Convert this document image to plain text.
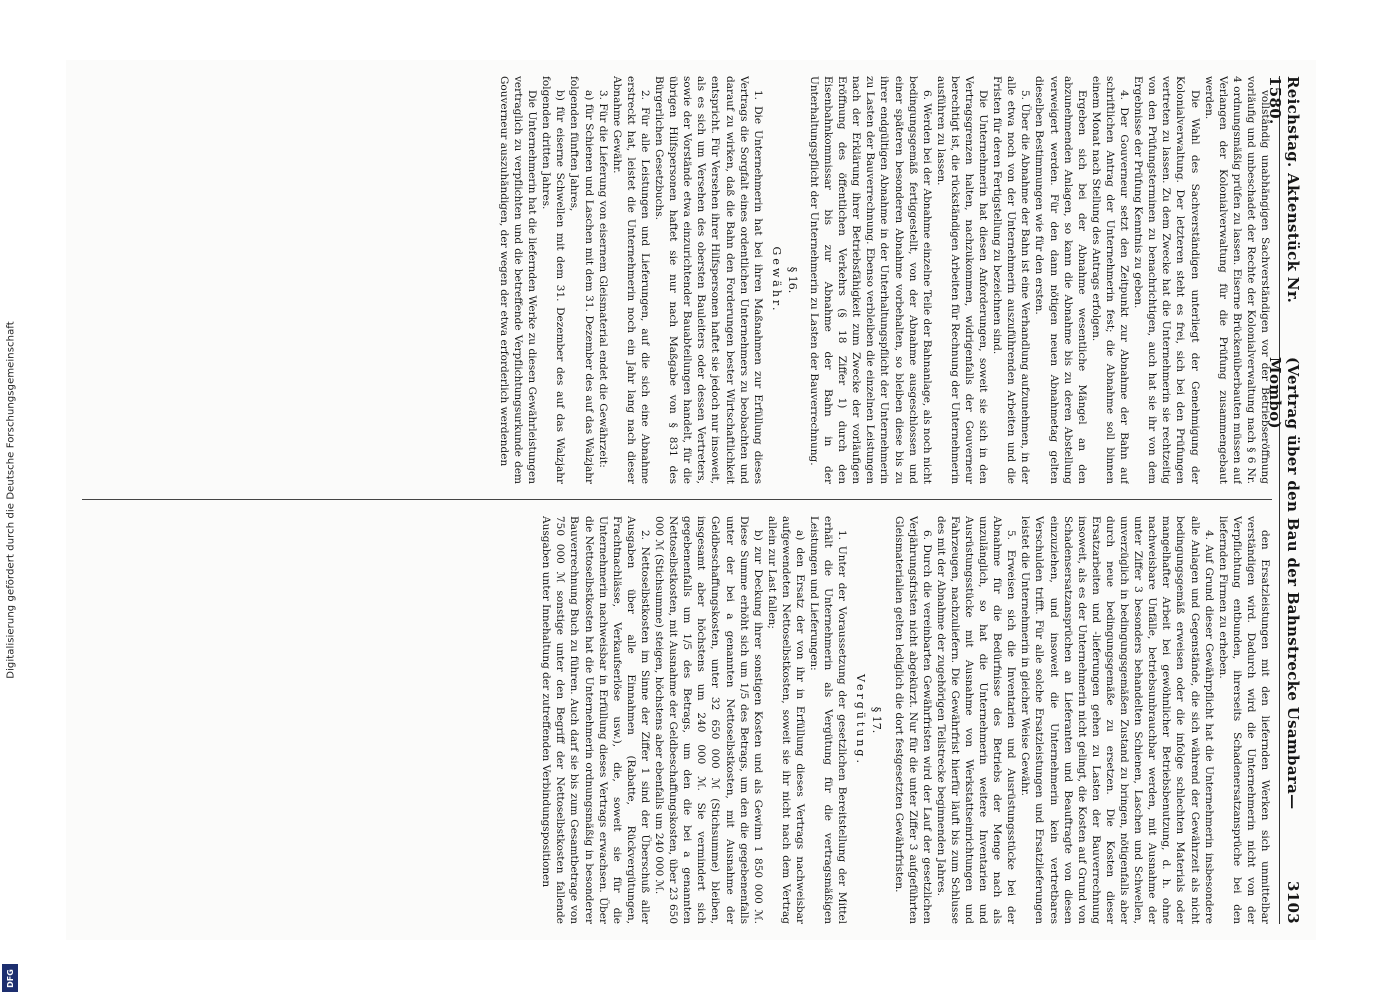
Digitalisierung gefördert durch die Deutsche Forschungsgemeinschaft
DFG
Reichstag. Aktenstück Nr. 1580.
(Vertrag über den Bau der Bahnstrecke Usambara—Mombo)
3103

vollständig unabhängigen Sachverständigen vor der Betriebseröffnung vorläufig und unbeschadet der Rechte der Kolonialverwaltung nach § 6 Nr. 4 ordnungsmäßig prüfen zu lassen. Eiserne Brückenüberbauten müssen auf Verlangen der Kolonialverwaltung für die Prüfung zusammengebaut werden.

Die Wahl des Sachverständigen unterliegt der Genehmigung der Kolonialverwaltung. Der letzteren steht es frei, sich bei den Prüfungen vertreten zu lassen. Zu dem Zwecke hat die Unternehmerin sie rechtzeitig von den Prüfungsterminen zu benachrichtigen, auch hat sie ihr von dem Ergebnisse der Prüfung Kenntnis zu geben.

4. Der Gouverneur setzt den Zeitpunkt zur Abnahme der Bahn auf schriftlichen Antrag der Unternehmerin fest; die Abnahme soll binnen einem Monat nach Stellung des Antrags erfolgen.

Ergeben sich bei der Abnahme wesentliche Mängel an den abzunehmenden Anlagen, so kann die Abnahme bis zu deren Abstellung verweigert werden. Für den dann nötigen neuen Abnahmetag gelten dieselben Bestimmungen wie für den ersten.

5. Über die Abnahme der Bahn ist eine Verhandlung aufzunehmen, in der alle etwa noch von der Unternehmerin auszuführenden Arbeiten und die Fristen für deren Fertigstellung zu bezeichnen sind.

Die Unternehmerin hat diesen Anforderungen, soweit sie sich in den Vertragsgrenzen halten, nachzukommen, widrigenfalls der Gouverneur berechtigt ist, die rückständigen Arbeiten für Rechnung der Unternehmerin ausführen zu lassen.

6. Werden bei der Abnahme einzelne Teile der Bahnanlage, als noch nicht bedingungsgemäß fertiggestellt, von der Abnahme ausgeschlossen und einer späteren besonderen Abnahme vorbehalten, so bleiben diese bis zu ihrer endgültigen Abnahme in der Unterhaltungspflicht der Unternehmerin zu Lasten der Bauverrechnung. Ebenso verbleiben die einzelnen Leistungen nach der Erklärung ihrer Betriebsfähigkeit zum Zwecke der vorläufigen Eröffnung des öffentlichen Verkehrs (§ 18 Ziffer 1) durch den Eisenbahnkommissar bis zur Abnahme der Bahn in der Unterhaltungspflicht der Unternehmerin zu Lasten der Bauverrechnung.

§ 16.

Gewähr.

1. Die Unternehmerin hat bei ihren Maßnahmen zur Erfüllung dieses Vertrags die Sorgfalt eines ordentlichen Unternehmers zu beobachten und darauf zu wirken, daß die Bahn den Forderungen bester Wirtschaftlichkeit entspricht. Für Versehen ihrer Hilfspersonen haftet sie jedoch nur insoweit, als es sich um Versehen des obersten Bauleiters oder dessen Vertreters, sowie der Vorstände etwa einzurichtender Bauabteilungen handelt, für die übrigen Hilfspersonen haftet sie nur nach Maßgabe von § 831 des Bürgerlichen Gesetzbuchs.

2. Für alle Leistungen und Lieferungen, auf die sich eine Abnahme erstreckt hat, leistet die Unternehmerin noch ein Jahr lang nach dieser Abnahme Gewähr.

3. Für die Lieferung von eisernem Gleismaterial endet die Gewährzeit:

a) für Schienen und Laschen mit dem 31. Dezember des auf das Walzjahr folgenden fünften Jahres,

b) für eiserne Schwellen mit dem 31. Dezember des auf das Walzjahr folgenden dritten Jahres.

Die Unternehmerin hat die liefernden Werke zu diesen Gewährleistungen vertraglich zu verpflichten und die betreffende Verpflichtungsurkunde dem Gouverneur auszuhändigen, der wegen der etwa erforderlich werdenden

den Ersatzleistungen mit den liefernden Werken sich unmittelbar verständigen wird. Dadurch wird die Unternehmerin nicht von der Verpflichtung entbunden, ihrerseits Schadenersatzansprüche bei den liefernden Firmen zu erheben.

4. Auf Grund dieser Gewährpflicht hat die Unternehmerin insbesondere alle Anlagen und Gegenstände, die sich während der Gewährzeit als nicht bedingungsgemäß erweisen oder die infolge schlechten Materials oder mangelhafter Arbeit bei gewöhnlicher Betriebsbenutzung, d. h. ohne nachweisbare Unfälle, betriebsunbrauchbar werden, mit Ausnahme der unter Ziffer 3 besonders behandelten Schienen, Laschen und Schwellen, unverzüglich in bedingungsgemäßen Zustand zu bringen, nötigenfalls aber durch neue bedingungsgemäße zu ersetzen. Die Kosten dieser Ersatzarbeiten und -lieferungen gehen zu Lasten der Bauverrechnung insoweit, als es der Unternehmerin nicht gelingt, die Kosten auf Grund von Schadensersatzansprüchen an Lieferanten und Beauftragte von diesen einzuziehen, und insoweit die Unternehmerin kein vertretbares Verschulden trifft. Für alle solche Ersatzleistungen und Ersatzlieferungen leistet die Unternehmerin in gleicher Weise Gewähr.

5. Erweisen sich die Inventarien und Ausrüstungsstücke bei der Abnahme für die Bedürfnisse des Betriebs der Menge nach als unzulänglich, so hat die Unternehmerin weitere Inventarien und Ausrüstungsstücke mit Ausnahme von Werkstattseinrichtungen und Fahrzeugen, nachzuliefern. Die Gewährfrist hierfür läuft bis zum Schlusse des mit der Abnahme der zugehörigen Teilstrecke beginnenden Jahres.

6. Durch die vereinbarten Gewährfristen wird der Lauf der gesetzlichen Verjährungsfristen nicht abgekürzt. Nur für die unter Ziffer 3 aufgeführten Gleismaterialien gelten lediglich die dort festgesetzten Gewährfristen.

§ 17.

Vergütung.

1. Unter der Voraussetzung der gesetzlichen Bereitstellung der Mittel erhält die Unternehmerin als Vergütung für die vertragsmäßigen Leistungen und Lieferungen:

a) den Ersatz der von ihr in Erfüllung dieses Vertrags nachweisbar aufgewendeten Nettoselbstkosten, soweit sie ihr nicht nach dem Vertrag allein zur Last fallen;

b) zur Deckung ihrer sonstigen Kosten und als Gewinn 1 850 000 ℳ. Diese Summe erhöht sich um 1/5 des Betrags, um den die gegebenenfalls unter der bei a genannten Nettoselbstkosten, mit Ausnahme der Geldbeschaffungskosten, unter 32 650 000 ℳ (Stichsumme) bleiben, insgesamt aber höchstens um 240 000 ℳ. Sie vermindert sich gegebenenfalls um 1/5 des Betrags, um den die bei a genannten Nettoselbstkosten, mit Ausnahme der Geldbeschaffungskosten, über 23 650 000 ℳ (Stichsumme) steigen, höchstens aber ebenfalls um 240 000 ℳ.

2. Nettoselbstkosten im Sinne der Ziffer 1 sind der Überschuß aller Ausgaben über alle Einnahmen (Rabatte, Rückvergütungen, Frachtnachlässe, Verkaufserlöse usw.), die, soweit sie für die Unternehmerin nachweisbar in Erfüllung dieses Vertrags erwachsen. Über die Nettoselbstkosten hat die Unternehmerin ordnungsmäßig in besonderer Bauverrechnung Buch zu führen. Auch darf sie bis zum Gesamtbetrage von 750 000 ℳ sonstige unter den Begriff der Nettoselbstkosten fallende Ausgaben unter Innehaltung der zutreffenden Verbindungspositionen
